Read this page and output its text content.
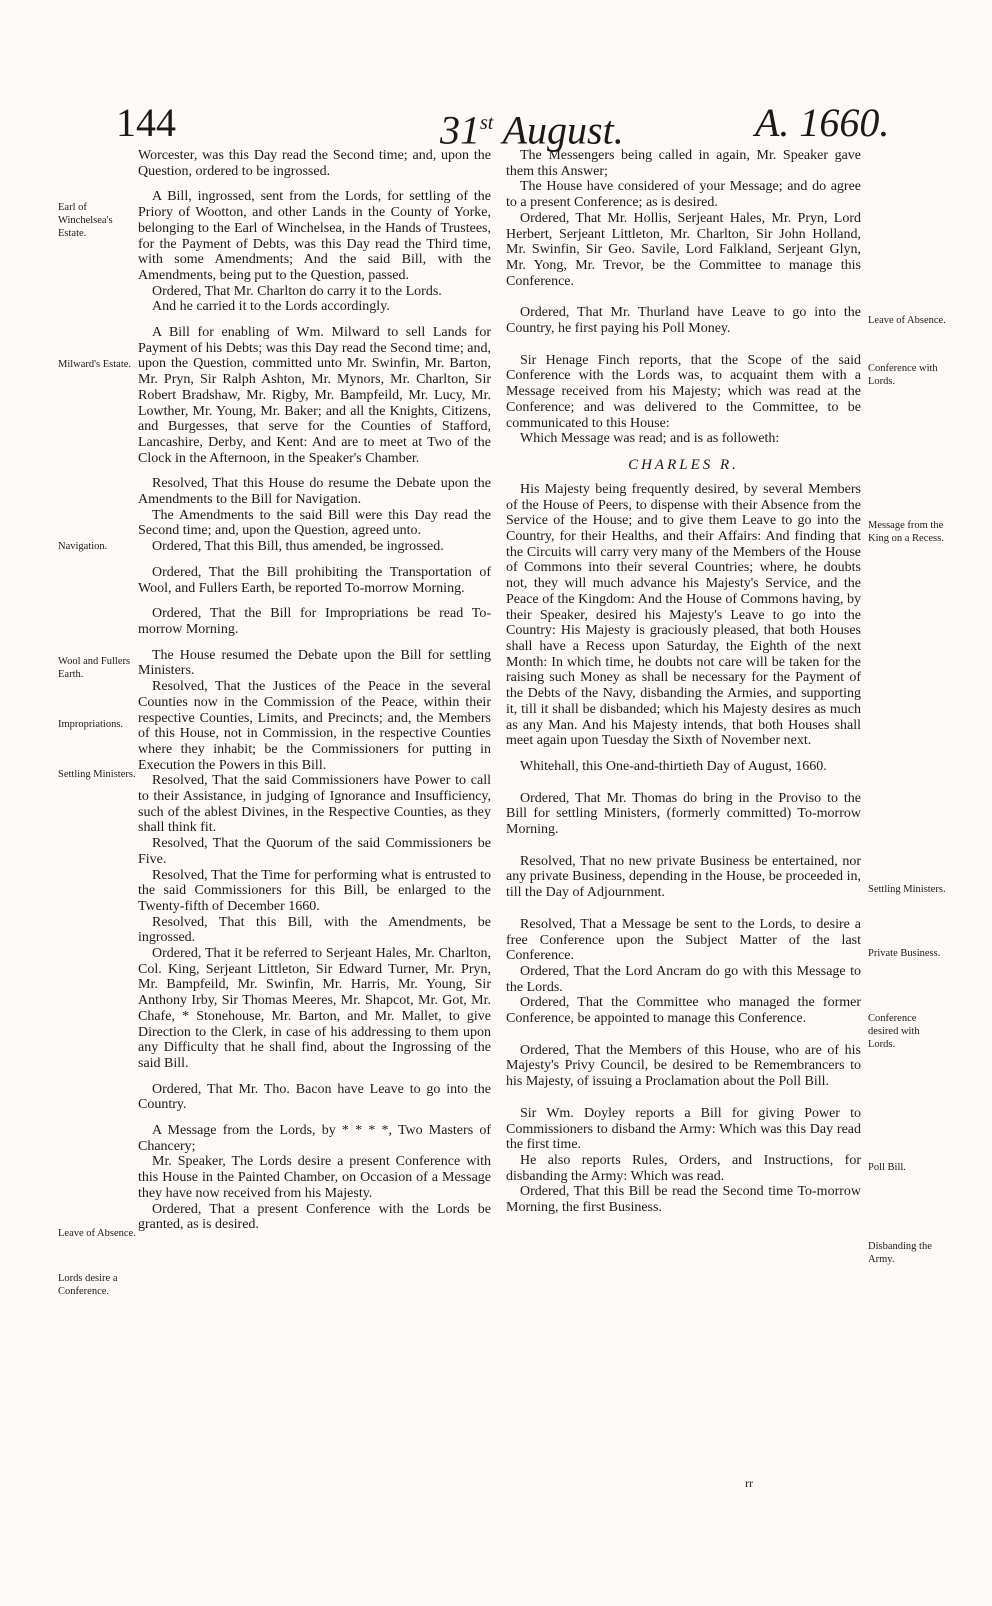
144	31st August.	A. 1660.
Earl of Winchelsea's Estate.
Milward's Estate.
Navigation.
Wool and Fullers Earth.
Impropriations.
Settling Ministers.
Leave of Absence.
Lords desire a Conference.
Leave of Absence.
Conference with Lords.
Message from the King on a Recess.
Settling Ministers.
Private Business.
Conference desired with Lords.
Poll Bill.
Disbanding the Army.

Worcester, was this Day read the Second time; and, upon the Question, ordered to be ingrossed.

A Bill, ingrossed, sent from the Lords, for settling of the Priory of Wootton, and other Lands in the County of Yorke, belonging to the Earl of Winchelsea, in the Hands of Trustees, for the Payment of Debts, was this Day read the Third time, with some Amendments; And the said Bill, with the Amendments, being put to the Question, passed.

Ordered, That Mr. Charlton do carry it to the Lords.

And he carried it to the Lords accordingly.

A Bill for enabling of Wm. Milward to sell Lands for Payment of his Debts; was this Day read the Second time; and, upon the Question, committed unto Mr. Swinfin, Mr. Barton, Mr. Pryn, Sir Ralph Ashton, Mr. Mynors, Mr. Charlton, Sir Robert Bradshaw, Mr. Rigby, Mr. Bampfeild, Mr. Lucy, Mr. Lowther, Mr. Young, Mr. Baker; and all the Knights, Citizens, and Burgesses, that serve for the Counties of Stafford, Lancashire, Derby, and Kent: And are to meet at Two of the Clock in the Afternoon, in the Speaker's Chamber.

Resolved, That this House do resume the Debate upon the Amendments to the Bill for Navigation.

The Amendments to the said Bill were this Day read the Second time; and, upon the Question, agreed unto.

Ordered, That this Bill, thus amended, be ingrossed.

Ordered, That the Bill prohibiting the Transportation of Wool, and Fullers Earth, be reported To-morrow Morning.

Ordered, That the Bill for Impropriations be read To-morrow Morning.

The House resumed the Debate upon the Bill for settling Ministers.

Resolved, That the Justices of the Peace in the several Counties now in the Commission of the Peace, within their respective Counties, Limits, and Precincts; and, the Members of this House, not in Commission, in the respective Counties where they inhabit; be the Commissioners for putting in Execution the Powers in this Bill.

Resolved, That the said Commissioners have Power to call to their Assistance, in judging of Ignorance and Insufficiency, such of the ablest Divines, in the Respective Counties, as they shall think fit.

Resolved, That the Quorum of the said Commissioners be Five.

Resolved, That the Time for performing what is entrusted to the said Commissioners for this Bill, be enlarged to the Twenty-fifth of December 1660.

Resolved, That this Bill, with the Amendments, be ingrossed.

Ordered, That it be referred to Serjeant Hales, Mr. Charlton, Col. King, Serjeant Littleton, Sir Edward Turner, Mr. Pryn, Mr. Bampfeild, Mr. Swinfin, Mr. Harris, Mr. Young, Sir Anthony Irby, Sir Thomas Meeres, Mr. Shapcot, Mr. Got, Mr. Chafe, * Stonehouse, Mr. Barton, and Mr. Mallet, to give Direction to the Clerk, in case of his addressing to them upon any Difficulty that he shall find, about the Ingrossing of the said Bill.

Ordered, That Mr. Tho. Bacon have Leave to go into the Country.

A Message from the Lords, by * * * *, Two Masters of Chancery;

Mr. Speaker, The Lords desire a present Conference with this House in the Painted Chamber, on Occasion of a Message they have now received from his Majesty.

Ordered, That a present Conference with the Lords be granted, as is desired.

The Messengers being called in again, Mr. Speaker gave them this Answer;

The House have considered of your Message; and do agree to a present Conference; as is desired.

Ordered, That Mr. Hollis, Serjeant Hales, Mr. Pryn, Lord Herbert, Serjeant Littleton, Mr. Charlton, Sir John Holland, Mr. Swinfin, Sir Geo. Savile, Lord Falkland, Serjeant Glyn, Mr. Yong, Mr. Trevor, be the Committee to manage this Conference.

Ordered, That Mr. Thurland have Leave to go into the Country, he first paying his Poll Money.

Sir Henage Finch reports, that the Scope of the said Conference with the Lords was, to acquaint them with a Message received from his Majesty; which was read at the Conference; and was delivered to the Committee, to be communicated to this House:

Which Message was read; and is as followeth:

CHARLES R.

His Majesty being frequently desired, by several Members of the House of Peers, to dispense with their Absence from the Service of the House; and to give them Leave to go into the Country, for their Healths, and their Affairs: And finding that the Circuits will carry very many of the Members of the House of Commons into their several Countries; where, he doubts not, they will much advance his Majesty's Service, and the Peace of the Kingdom: And the House of Commons having, by their Speaker, desired his Majesty's Leave to go into the Country: His Majesty is graciously pleased, that both Houses shall have a Recess upon Saturday, the Eighth of the next Month: In which time, he doubts not care will be taken for the raising such Money as shall be necessary for the Payment of the Debts of the Navy, disbanding the Armies, and supporting it, till it shall be disbanded; which his Majesty desires as much as any Man. And his Majesty intends, that both Houses shall meet again upon Tuesday the Sixth of November next.

Whitehall, this One-and-thirtieth Day of August, 1660.

Ordered, That Mr. Thomas do bring in the Proviso to the Bill for settling Ministers, (formerly committed) To-morrow Morning.

Resolved, That no new private Business be entertained, nor any private Business, depending in the House, be proceeded in, till the Day of Adjournment.

Resolved, That a Message be sent to the Lords, to desire a free Conference upon the Subject Matter of the last Conference.

Ordered, That the Lord Ancram do go with this Message to the Lords.

Ordered, That the Committee who managed the former Conference, be appointed to manage this Conference.

Ordered, That the Members of this House, who are of his Majesty's Privy Council, be desired to be Remembrancers to his Majesty, of issuing a Proclamation about the Poll Bill.

Sir Wm. Doyley reports a Bill for giving Power to Commissioners to disband the Army: Which was this Day read the first time.

He also reports Rules, Orders, and Instructions, for disbanding the Army: Which was read.

Ordered, That this Bill be read the Second time To-morrow Morning, the first Business.

rr
